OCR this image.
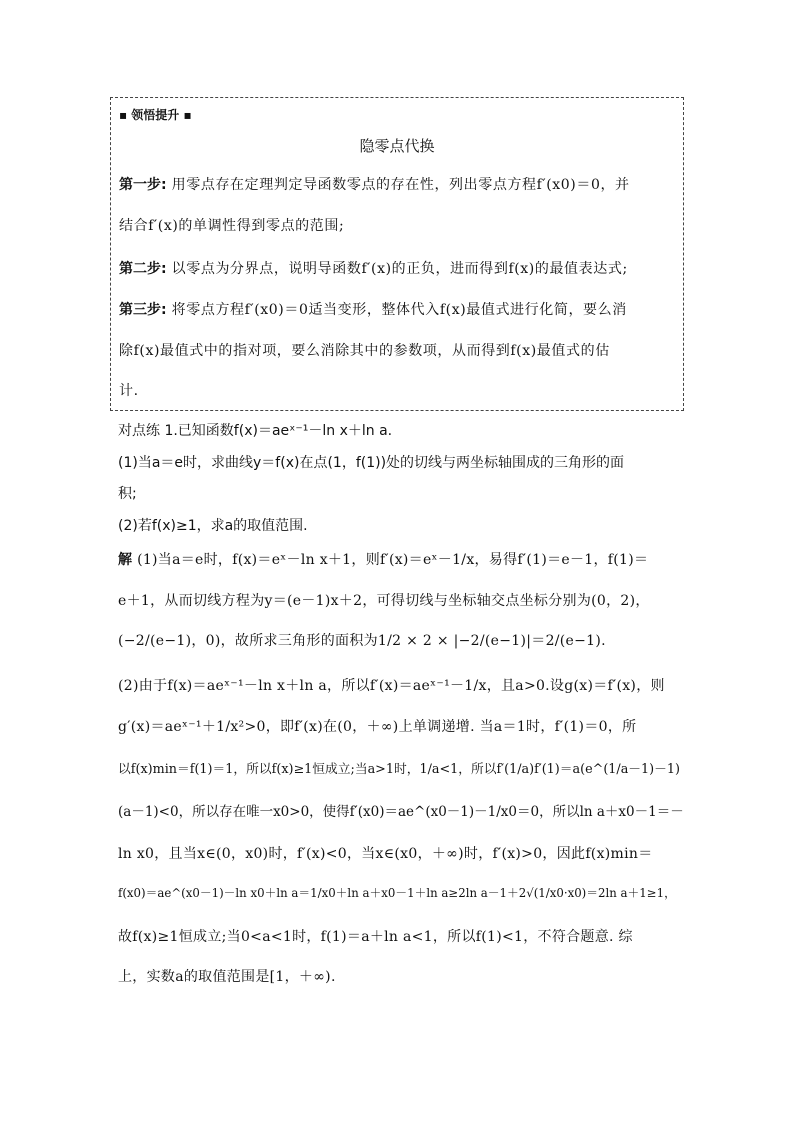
▪ 领悟提升 ▪
隐零点代换
第一步: 用零点存在定理判定导函数零点的存在性，列出零点方程f′(x0)＝0，并
结合f′(x)的单调性得到零点的范围;
第二步: 以零点为分界点，说明导函数f′(x)的正负，进而得到f(x)的最值表达式;
第三步: 将零点方程f′(x0)＝0适当变形，整体代入f(x)最值式进行化简，要么消
除f(x)最值式中的指对项，要么消除其中的参数项，从而得到f(x)最值式的估
计.
对点练 1.已知函数f(x)＝aeˣ⁻¹－ln x＋ln a.
(1)当a＝e时，求曲线y＝f(x)在点(1，f(1))处的切线与两坐标轴围成的三角形的面
积;
(2)若f(x)≥1，求a的取值范围.
解 (1)当a＝e时，f(x)＝eˣ－ln x＋1，则f′(x)＝eˣ－1/x，易得f′(1)＝e－1，f(1)＝
e＋1，从而切线方程为y＝(e－1)x＋2，可得切线与坐标轴交点坐标分别为(0，2)，
(−2/(e−1)，0)，故所求三角形的面积为1/2 × 2 × |−2/(e−1)|＝2/(e−1).
(2)由于f(x)＝aeˣ⁻¹－ln x＋ln a，所以f′(x)＝aeˣ⁻¹－1/x，且a>0.设g(x)＝f′(x)，则
g′(x)＝aeˣ⁻¹＋1/x²>0，即f′(x)在(0，＋∞)上单调递增. 当a＝1时，f′(1)＝0，所
以f(x)min＝f(1)＝1，所以f(x)≥1恒成立;当a>1时，1/a<1，所以f′(1/a)f′(1)＝a(e^(1/a－1)－1)
(a－1)<0，所以存在唯一x0>0，使得f′(x0)＝ae^(x0－1)－1/x0＝0，所以ln a＋x0－1＝－
ln x0，且当x∈(0，x0)时，f′(x)<0，当x∈(x0，＋∞)时，f′(x)>0，因此f(x)min＝
f(x0)＝ae^(x0－1)－ln x0＋ln a＝1/x0＋ln a＋x0－1＋ln a≥2ln a－1＋2√(1/x0·x0)＝2ln a＋1≥1，
故f(x)≥1恒成立;当0<a<1时，f(1)＝a＋ln a<1，所以f(1)<1，不符合题意. 综
上，实数a的取值范围是[1，＋∞).
